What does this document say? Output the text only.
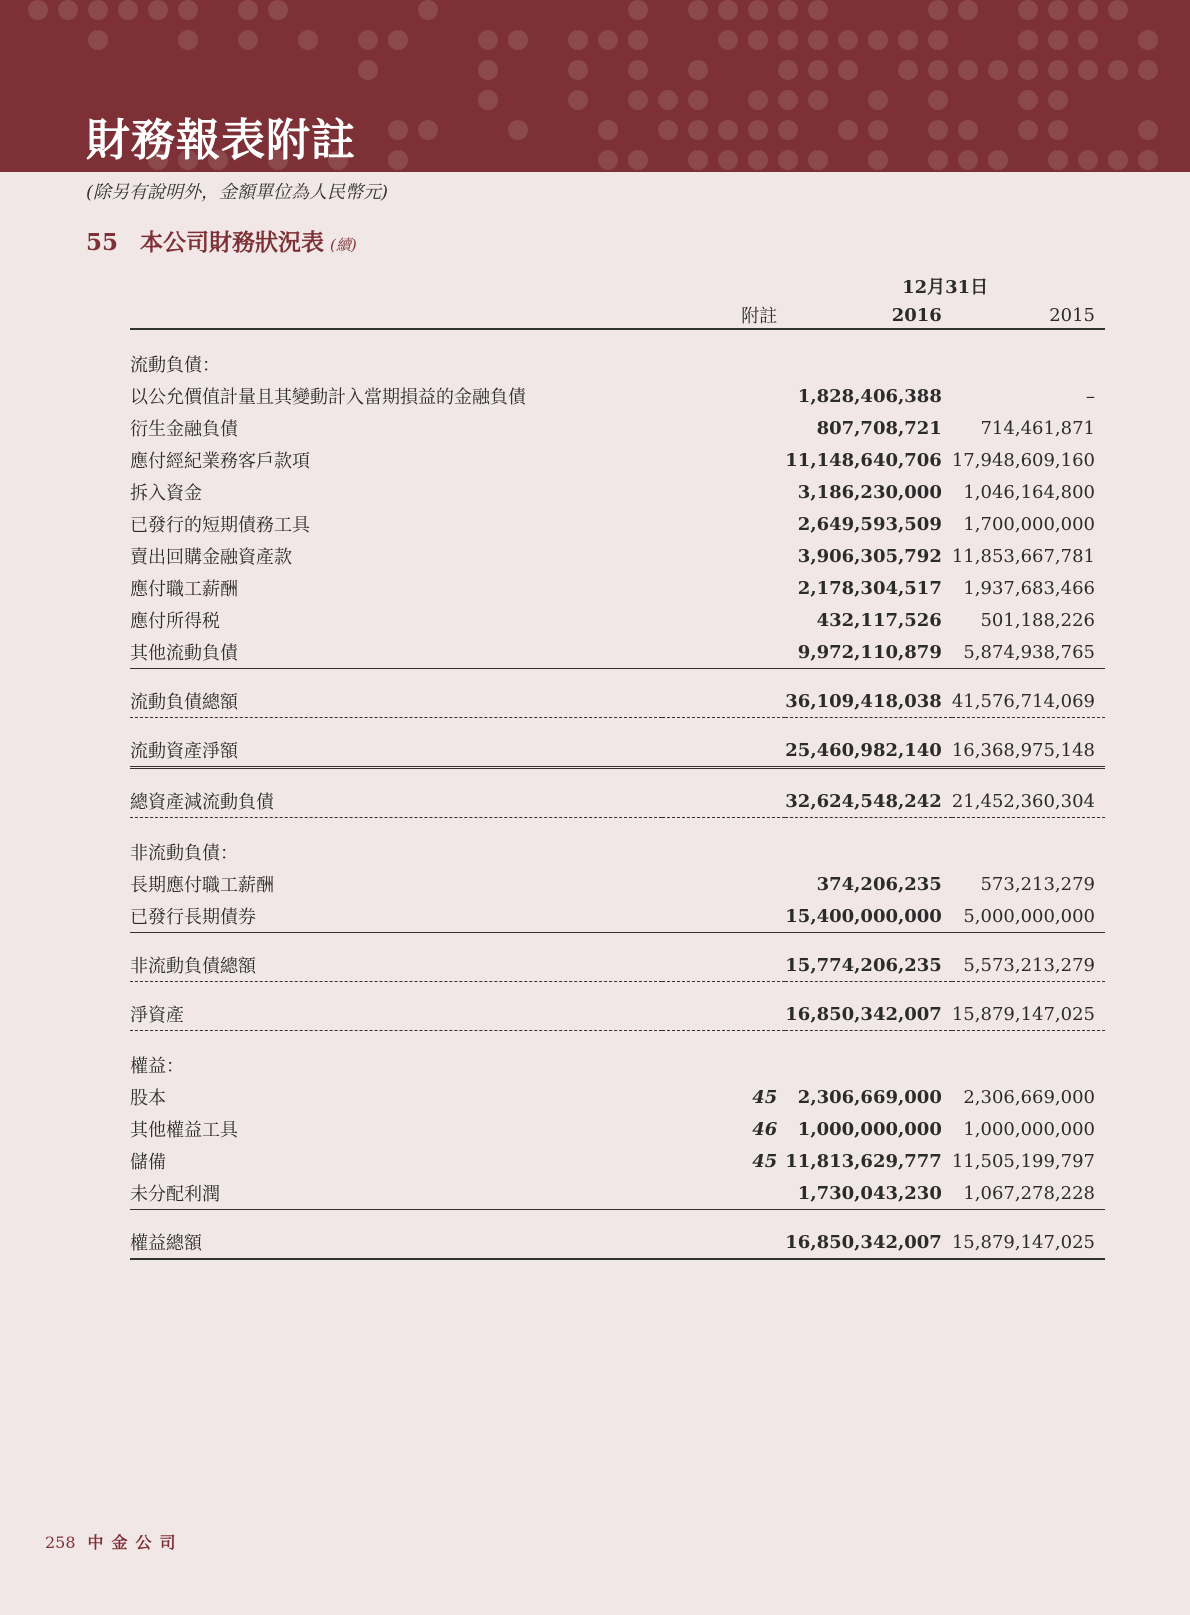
財務報表附註
(除另有說明外，金額單位為人民幣元)
55 本公司財務狀況表 (續)
		12月31日	
	附註	2016	2015
流動負債：			
以公允價值計量且其變動計入當期損益的金融負債		1,828,406,388	–
衍生金融負債		807,708,721	714,461,871
應付經紀業務客戶款項		11,148,640,706	17,948,609,160
拆入資金		3,186,230,000	1,046,164,800
已發行的短期債務工具		2,649,593,509	1,700,000,000
賣出回購金融資產款		3,906,305,792	11,853,667,781
應付職工薪酬		2,178,304,517	1,937,683,466
應付所得税		432,117,526	501,188,226
其他流動負債		9,972,110,879	5,874,938,765

流動負債總額		36,109,418,038	41,576,714,069

流動資產淨額		25,460,982,140	16,368,975,148

總資產減流動負債		32,624,548,242	21,452,360,304
非流動負債：			
長期應付職工薪酬		374,206,235	573,213,279
已發行長期債券		15,400,000,000	5,000,000,000

非流動負債總額		15,774,206,235	5,573,213,279

淨資產		16,850,342,007	15,879,147,025
權益：			
股本	45	2,306,669,000	2,306,669,000
其他權益工具	46	1,000,000,000	1,000,000,000
儲備	45	11,813,629,777	11,505,199,797
未分配利潤		1,730,043,230	1,067,278,228

權益總額		16,850,342,007	15,879,147,025
258 中金公司
